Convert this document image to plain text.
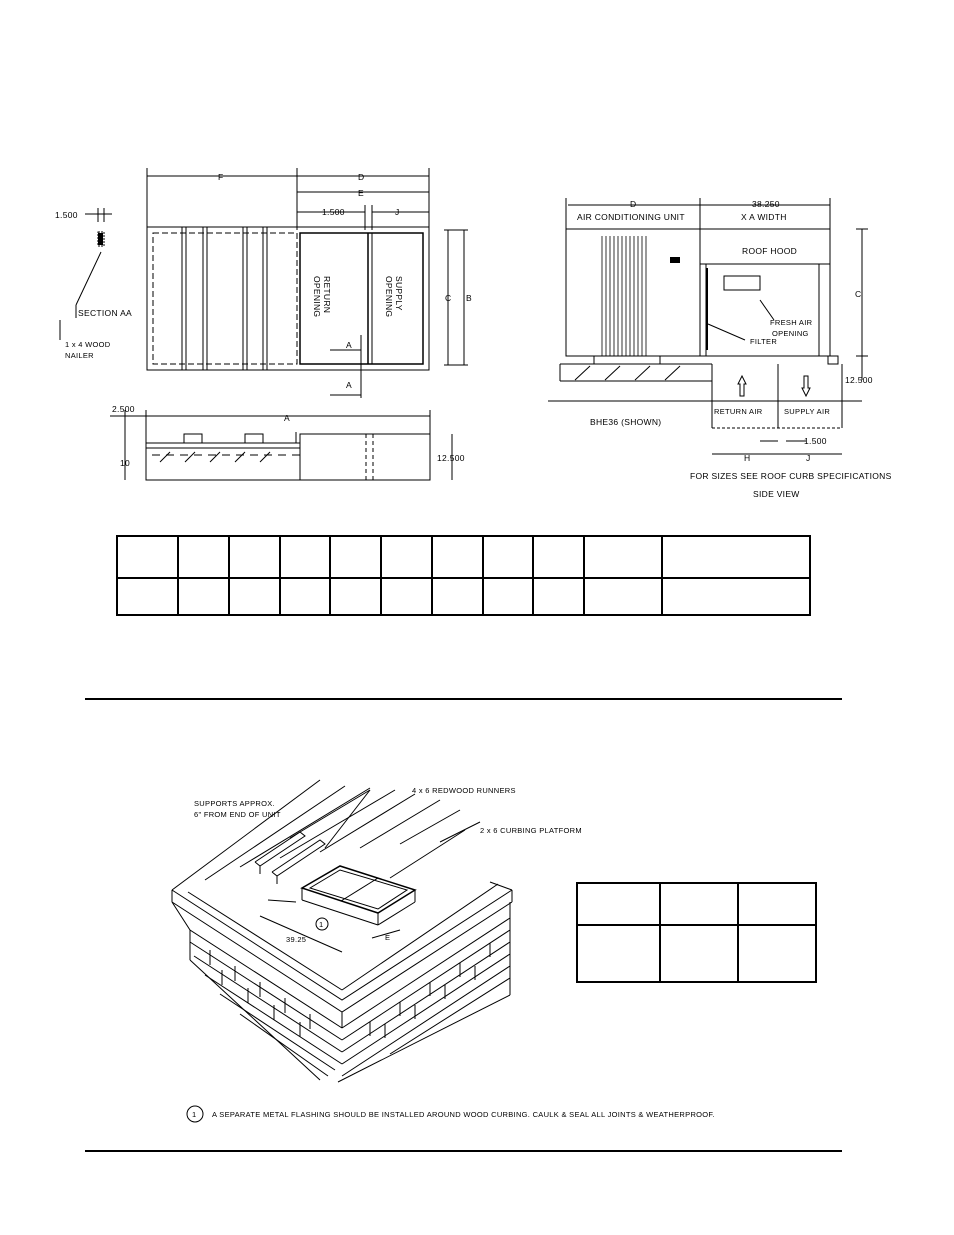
F	D
E
1.500	J
C B
1.500
SECTION AA
1 x 4 WOOD
NAILER
RETURN
OPENING	SUPPLY
OPENING
A
A
2.500
A
10	12.500
D	38.250
AIR CONDITIONING UNIT	X A WIDTH
ROOF HOOD
FRESH AIR
OPENING
FILTER
C
12.500
BHE36 (SHOWN)
RETURN AIR	SUPPLY AIR
1.500
H	J
FOR SIZES SEE ROOF CURB SPECIFICATIONS
SIDE VIEW

SUPPORTS APPROX.
6" FROM END OF UNIT
4 x 6 REDWOOD RUNNERS
2 x 6 CURBING PLATFORM
39.25	E
1

1 A SEPARATE METAL FLASHING SHOULD BE INSTALLED AROUND WOOD CURBING. CAULK & SEAL ALL JOINTS & WEATHERPROOF.
